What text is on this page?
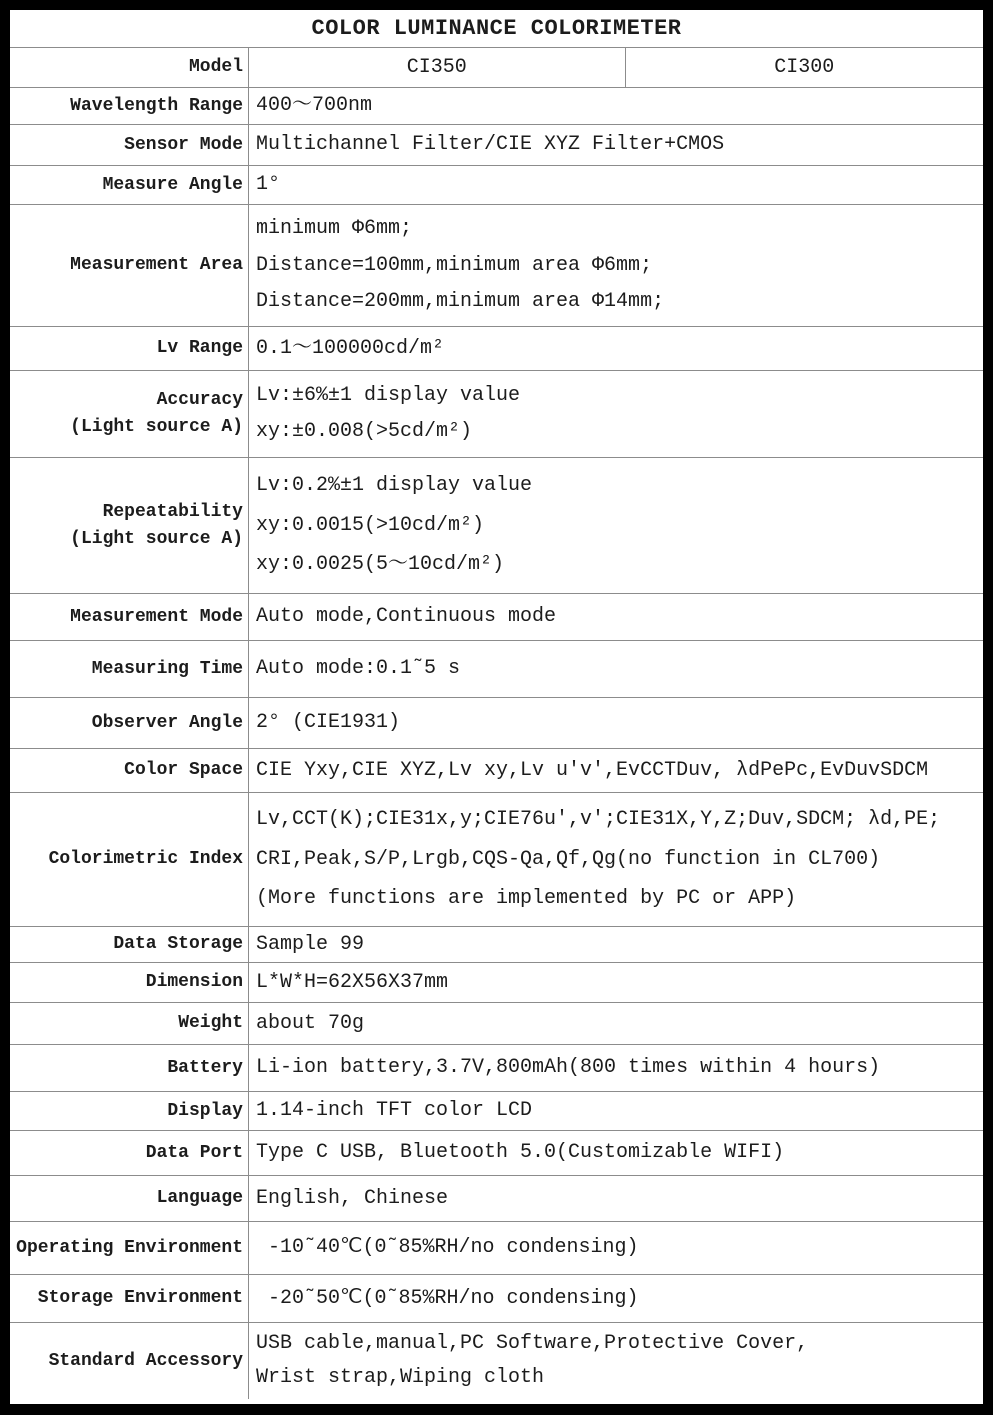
COLOR LUMINANCE COLORIMETER
Model	CI350	CI300
Wavelength Range 400～700nm
Sensor Mode Multichannel Filter/CIE XYZ Filter+CMOS
Measure Angle 1°
Measurement Area
minimum Φ6mm;
Distance=100mm,minimum area Φ6mm;
Distance=200mm,minimum area Φ14mm;
Lv Range 0.1～100000cd/m²
Accuracy
(Light source A)
Lv:±6%±1 display value
xy:±0.008(>5cd/m²)
Repeatability
(Light source A)
Lv:0.2%±1 display value
xy:0.0015(>10cd/m²)
xy:0.0025(5～10cd/m²)
Measurement Mode Auto mode,Continuous mode
Measuring Time Auto mode:0.1˜5 s
Observer Angle 2° (CIE1931)
Color Space CIE Yxy,CIE XYZ,Lv xy,Lv u'v',EvCCTDuv, λdPePc,EvDuvSDCM
Colorimetric Index
Lv,CCT(K);CIE31x,y;CIE76u',v';CIE31X,Y,Z;Duv,SDCM; λd,PE;
CRI,Peak,S/P,Lrgb,CQS-Qa,Qf,Qg(no function in CL700)
(More functions are implemented by PC or APP)
Data Storage Sample 99
Dimension L*W*H=62X56X37mm
Weight about 70g
Battery Li-ion battery,3.7V,800mAh(800 times within 4 hours)
Display 1.14-inch TFT color LCD
Data Port Type C USB, Bluetooth 5.0(Customizable WIFI)
Language English, Chinese
Operating Environment -10˜40℃(0˜85%RH/no condensing)
Storage Environment -20˜50℃(0˜85%RH/no condensing)
Standard Accessory
USB cable,manual,PC Software,Protective Cover,
Wrist strap,Wiping cloth
